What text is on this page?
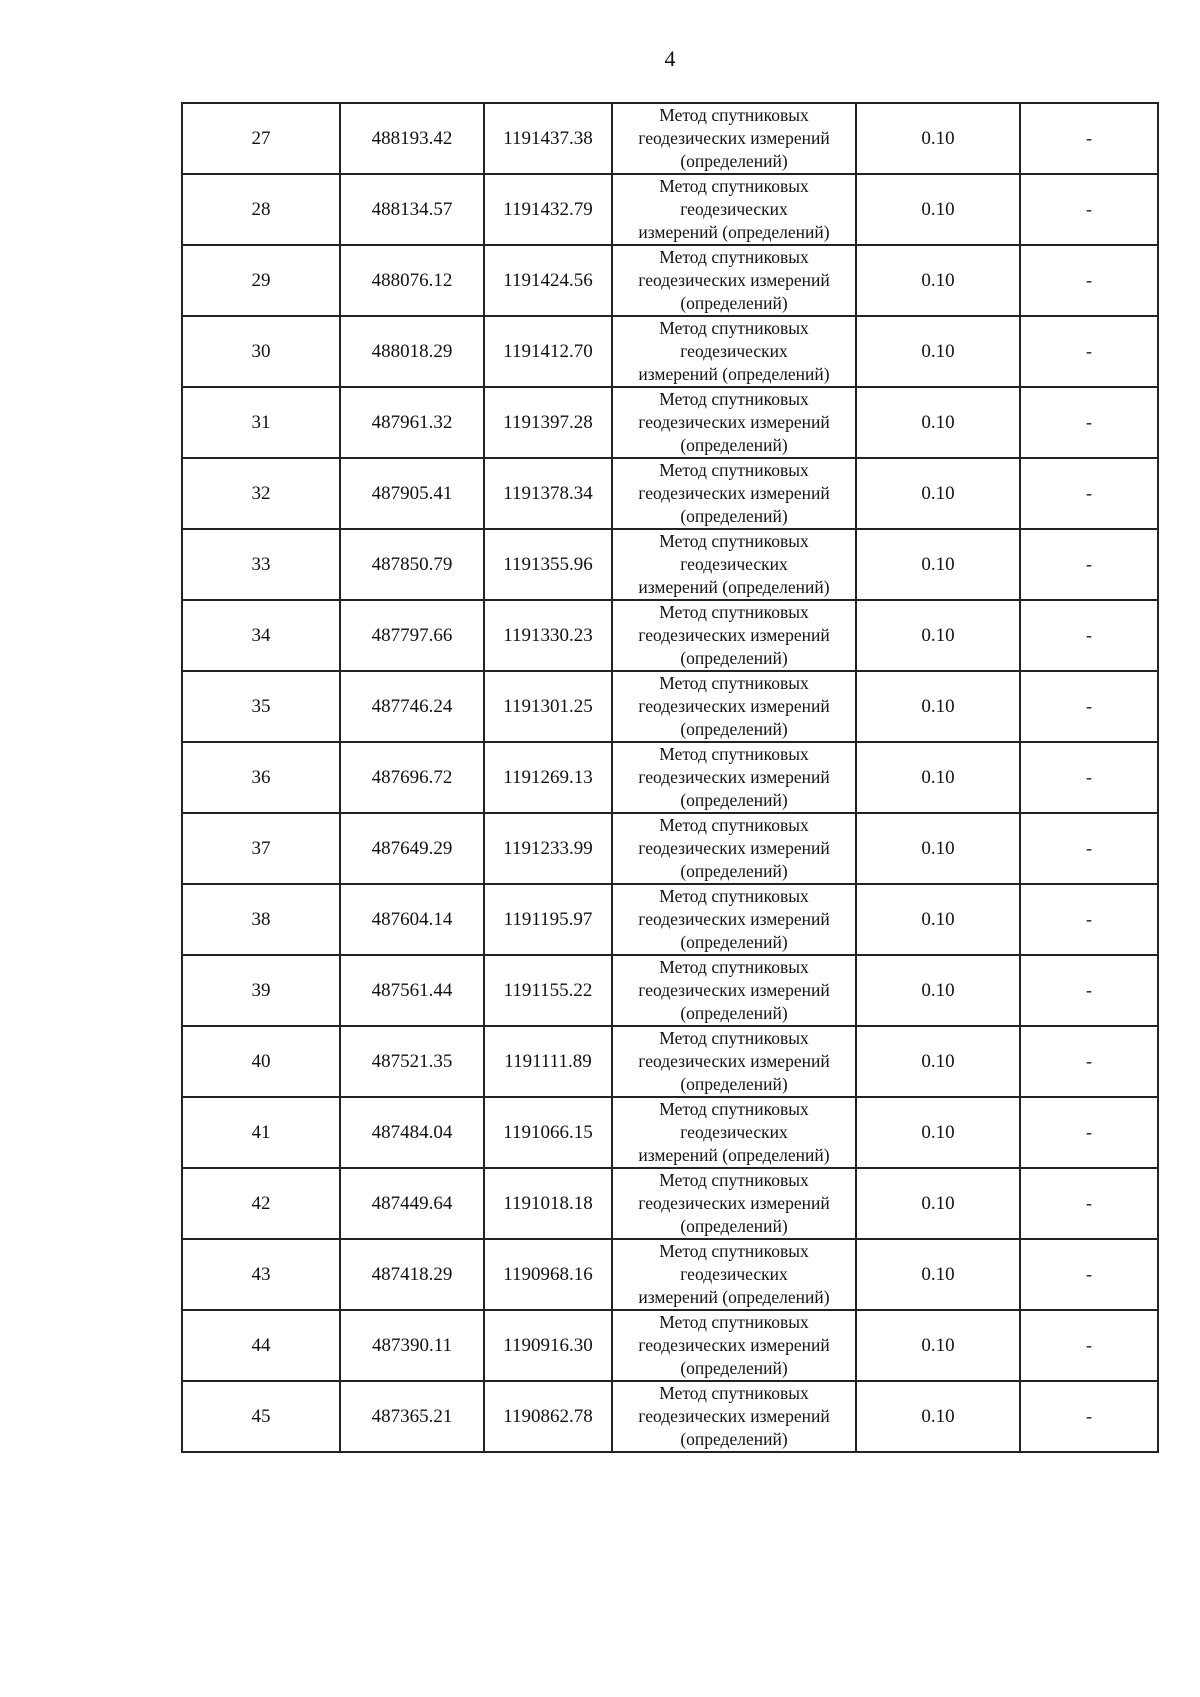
4
27	488193.42	1191437.38	Метод спутниковых
геодезических измерений
(определений)	0.10	-
28	488134.57	1191432.79	Метод спутниковых
геодезических
измерений (определений)	0.10	-
29	488076.12	1191424.56	Метод спутниковых
геодезических измерений
(определений)	0.10	-
30	488018.29	1191412.70	Метод спутниковых
геодезических
измерений (определений)	0.10	-
31	487961.32	1191397.28	Метод спутниковых
геодезических измерений
(определений)	0.10	-
32	487905.41	1191378.34	Метод спутниковых
геодезических измерений
(определений)	0.10	-
33	487850.79	1191355.96	Метод спутниковых
геодезических
измерений (определений)	0.10	-
34	487797.66	1191330.23	Метод спутниковых
геодезических измерений
(определений)	0.10	-
35	487746.24	1191301.25	Метод спутниковых
геодезических измерений
(определений)	0.10	-
36	487696.72	1191269.13	Метод спутниковых
геодезических измерений
(определений)	0.10	-
37	487649.29	1191233.99	Метод спутниковых
геодезических измерений
(определений)	0.10	-
38	487604.14	1191195.97	Метод спутниковых
геодезических измерений
(определений)	0.10	-
39	487561.44	1191155.22	Метод спутниковых
геодезических измерений
(определений)	0.10	-
40	487521.35	1191111.89	Метод спутниковых
геодезических измерений
(определений)	0.10	-
41	487484.04	1191066.15	Метод спутниковых
геодезических
измерений (определений)	0.10	-
42	487449.64	1191018.18	Метод спутниковых
геодезических измерений
(определений)	0.10	-
43	487418.29	1190968.16	Метод спутниковых
геодезических
измерений (определений)	0.10	-
44	487390.11	1190916.30	Метод спутниковых
геодезических измерений
(определений)	0.10	-
45	487365.21	1190862.78	Метод спутниковых
геодезических измерений
(определений)	0.10	-
